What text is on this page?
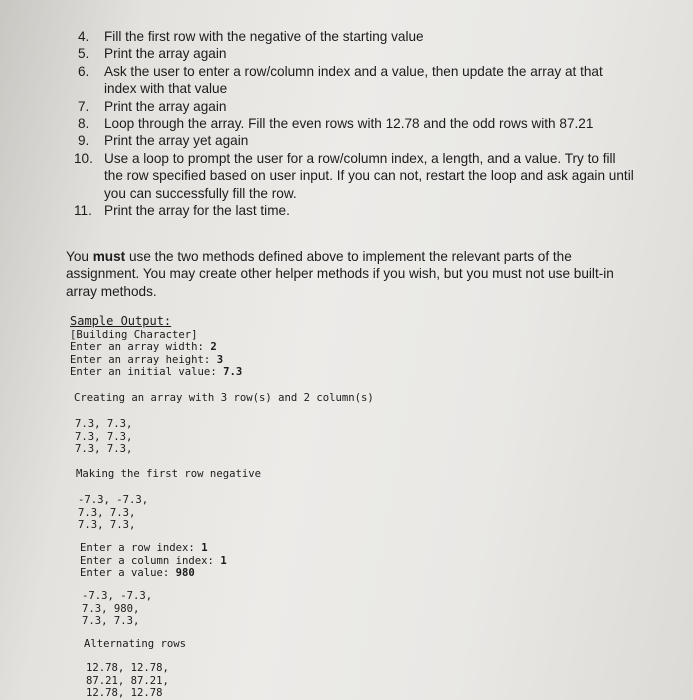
4. Fill the first row with the negative of the starting value
5. Print the array again
6. Ask the user to enter a row/column index and a value, then update the array at that index with that value
7. Print the array again
8. Loop through the array. Fill the even rows with 12.78 and the odd rows with 87.21
9. Print the array yet again
10. Use a loop to prompt the user for a row/column index, a length, and a value. Try to fill the row specified based on user input. If you can not, restart the loop and ask again until you can successfully fill the row.
11. Print the array for the last time.

You must use the two methods defined above to implement the relevant parts of the assignment. You may create other helper methods if you wish, but you must not use built-in array methods.

Sample Output:
[Building Character]
Enter an array width: 2
Enter an array height: 3
Enter an initial value: 7.3
Creating an array with 3 row(s) and 2 column(s)
7.3, 7.3,
7.3, 7.3,
7.3, 7.3,
Making the first row negative
-7.3, -7.3,
7.3, 7.3,
7.3, 7.3,
Enter a row index: 1
Enter a column index: 1
Enter a value: 980
-7.3, -7.3,
7.3, 980,
7.3, 7.3,
Alternating rows
12.78, 12.78,
87.21, 87.21,
12.78, 12.78
